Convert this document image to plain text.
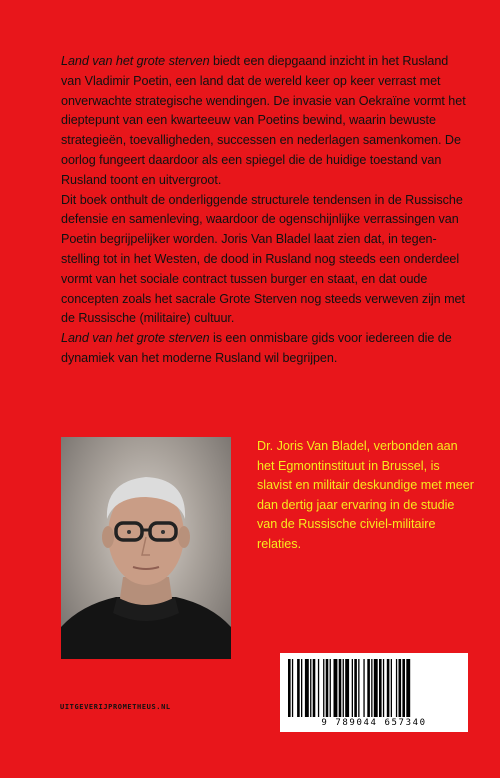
Land van het grote sterven biedt een diepgaand inzicht in het Rusland van Vladimir Poetin, een land dat de wereld keer op keer verrast met onverwachte strategische wendingen. De invasie van Oekraïne vormt het dieptepunt van een kwarteeuw van Poetins bewind, waarin bewuste strategieën, toevalligheden, successen en nederlagen samenkomen. De oorlog fungeert daardoor als een spiegel die de huidige toestand van Rusland toont en uitvergroot.

Dit boek onthult de onderliggende structurele tendensen in de Russische defensie en samenleving, waardoor de ogenschijnlijke verrassingen van Poetin begrijpelijker worden. Joris Van Bladel laat zien dat, in tegenstelling tot in het Westen, de dood in Rusland nog steeds een onderdeel vormt van het sociale contract tussen burger en staat, en dat oude concepten zoals het sacrale Grote Sterven nog steeds verweven zijn met de Russische (militaire) cultuur.

Land van het grote sterven is een onmisbare gids voor iedereen die de dynamiek van het moderne Rusland wil begrijpen.

Dr. Joris Van Bladel, verbonden aan het Egmontinstituut in Brussel, is slavist en militair deskundige met meer dan dertig jaar ervaring in de studie van de Russische civiel-militaire relaties.

9 789044 657340
UITGEVERIJPROMETHEUS.NL
